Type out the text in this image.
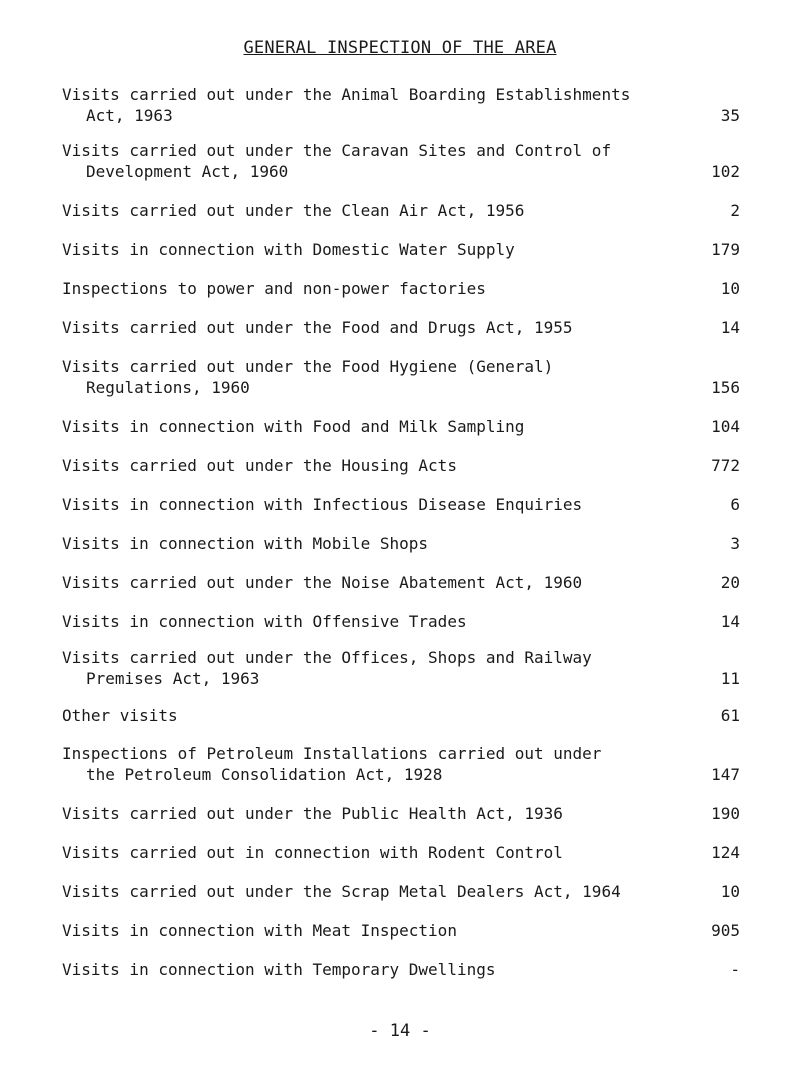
GENERAL INSPECTION OF THE AREA
Visits carried out under the Animal Boarding Establishments
Act, 1963	35
Visits carried out under the Caravan Sites and Control of
Development Act, 1960	102
Visits carried out under the Clean Air Act, 1956	2
Visits in connection with Domestic Water Supply	179
Inspections to power and non-power factories	10
Visits carried out under the Food and Drugs Act, 1955	14
Visits carried out under the Food Hygiene (General)
Regulations, 1960	156
Visits in connection with Food and Milk Sampling	104
Visits carried out under the Housing Acts	772
Visits in connection with Infectious Disease Enquiries	6
Visits in connection with Mobile Shops	3
Visits carried out under the Noise Abatement Act, 1960	20
Visits in connection with Offensive Trades	14
Visits carried out under the Offices, Shops and Railway
Premises Act, 1963	11
Other visits	61
Inspections of Petroleum Installations carried out under
the Petroleum Consolidation Act, 1928	147
Visits carried out under the Public Health Act, 1936	190
Visits carried out in connection with Rodent Control	124
Visits carried out under the Scrap Metal Dealers Act, 1964	10
Visits in connection with Meat Inspection	905
Visits in connection with Temporary Dwellings	-
- 14 -
